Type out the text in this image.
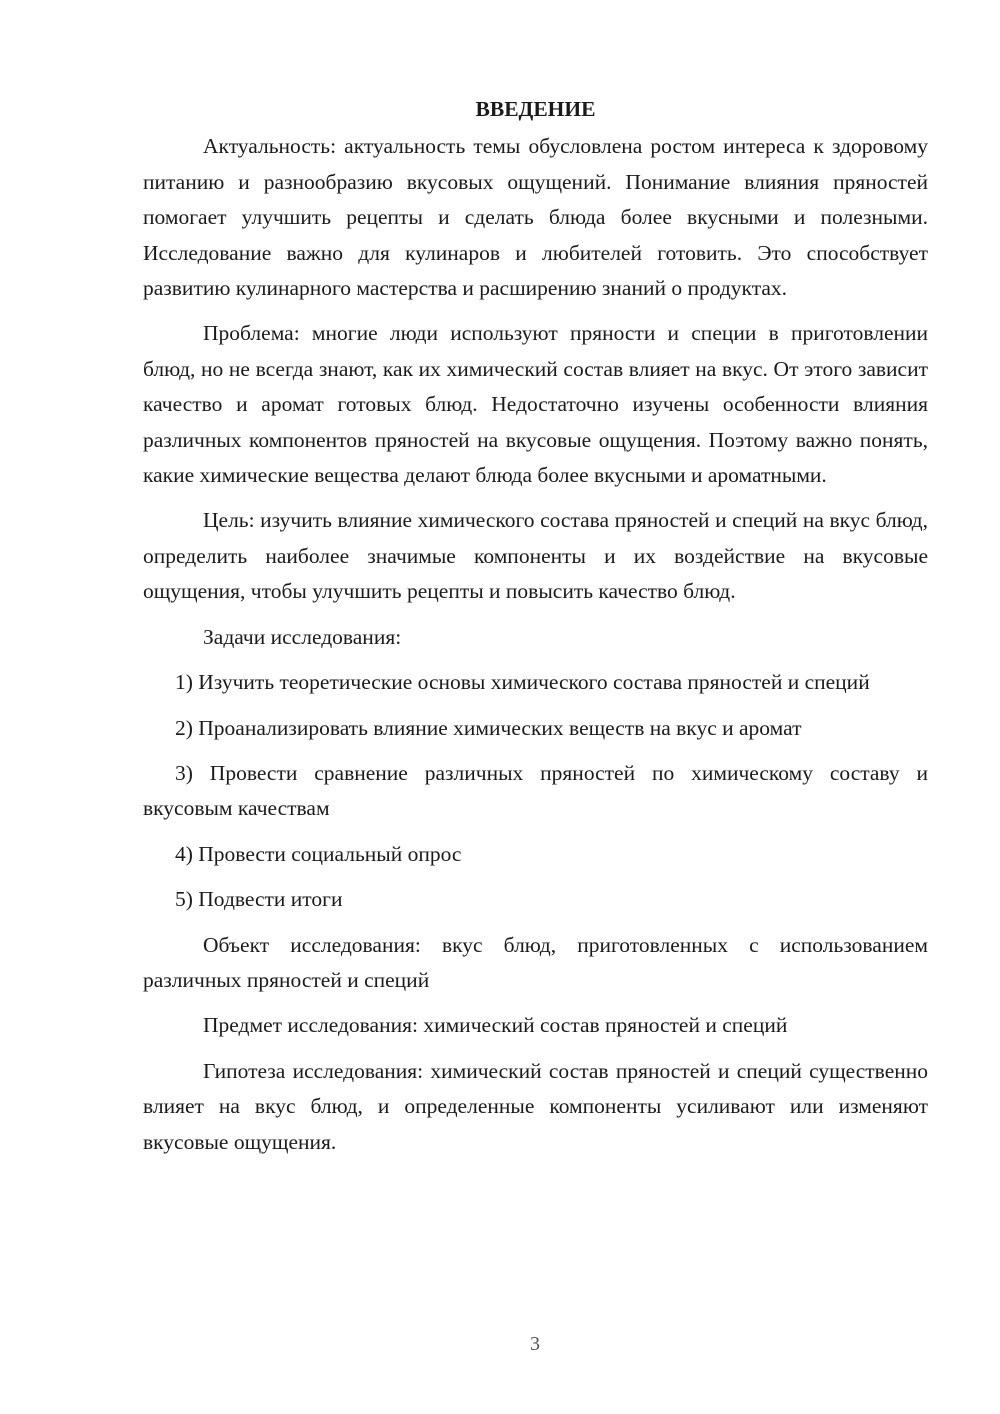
ВВЕДЕНИЕ

Актуальность: актуальность темы обусловлена ростом интереса к здоровому питанию и разнообразию вкусовых ощущений. Понимание влияния пряностей помогает улучшить рецепты и сделать блюда более вкусными и полезными. Исследование важно для кулинаров и любителей готовить. Это способствует развитию кулинарного мастерства и расширению знаний о продуктах.

Проблема: многие люди используют пряности и специи в приготовлении блюд, но не всегда знают, как их химический состав влияет на вкус. От этого зависит качество и аромат готовых блюд. Недостаточно изучены особенности влияния различных компонентов пряностей на вкусовые ощущения. Поэтому важно понять, какие химические вещества делают блюда более вкусными и ароматными.

Цель: изучить влияние химического состава пряностей и специй на вкус блюд, определить наиболее значимые компоненты и их воздействие на вкусовые ощущения, чтобы улучшить рецепты и повысить качество блюд.

Задачи исследования:

1) Изучить теоретические основы химического состава пряностей и специй

2) Проанализировать влияние химических веществ на вкус и аромат

3) Провести сравнение различных пряностей по химическому составу и вкусовым качествам

4) Провести социальный опрос

5) Подвести итоги

Объект исследования: вкус блюд, приготовленных с использованием различных пряностей и специй

Предмет исследования: химический состав пряностей и специй

Гипотеза исследования: химический состав пряностей и специй существенно влияет на вкус блюд, и определенные компоненты усиливают или изменяют вкусовые ощущения.

3
